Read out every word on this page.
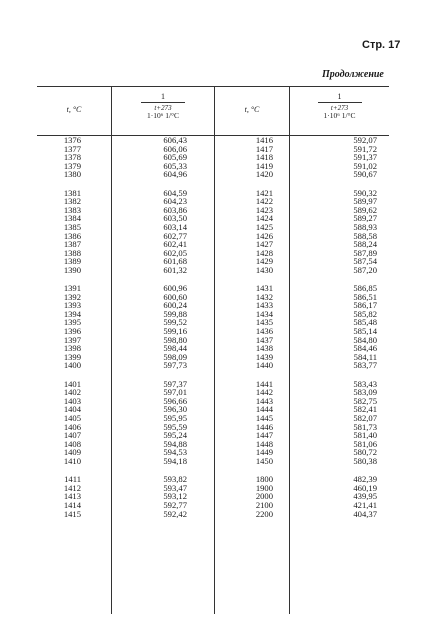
Стр. 17
Продолжение
t, °C
1
t+273
1·10⁶ 1/°C
t, °C
1
t+273
1·10⁶ 1/°C
1376
1377
1378
1379
1380
1381
1382
1383
1384
1385
1386
1387
1388
1389
1390
1391
1392
1393
1394
1395
1396
1397
1398
1399
1400
1401
1402
1403
1404
1405
1406
1407
1408
1409
1410
1411
1412
1413
1414
1415
606,43
606,06
605,69
605,33
604,96
604,59
604,23
603,86
603,50
603,14
602,77
602,41
602,05
601,68
601,32
600,96
600,60
600,24
599,88
599,52
599,16
598,80
598,44
598,09
597,73
597,37
597,01
596,66
596,30
595,95
595,59
595,24
594,88
594,53
594,18
593,82
593,47
593,12
592,77
592,42
1416
1417
1418
1419
1420
1421
1422
1423
1424
1425
1426
1427
1428
1429
1430
1431
1432
1433
1434
1435
1436
1437
1438
1439
1440
1441
1442
1443
1444
1445
1446
1447
1448
1449
1450
1800
1900
2000
2100
2200
592,07
591,72
591,37
591,02
590,67
590,32
589,97
589,62
589,27
588,93
588,58
588,24
587,89
587,54
587,20
586,85
586,51
586,17
585,82
585,48
585,14
584,80
584,46
584,11
583,77
583,43
583,09
582,75
582,41
582,07
581,73
581,40
581,06
580,72
580,38
482,39
460,19
439,95
421,41
404,37
